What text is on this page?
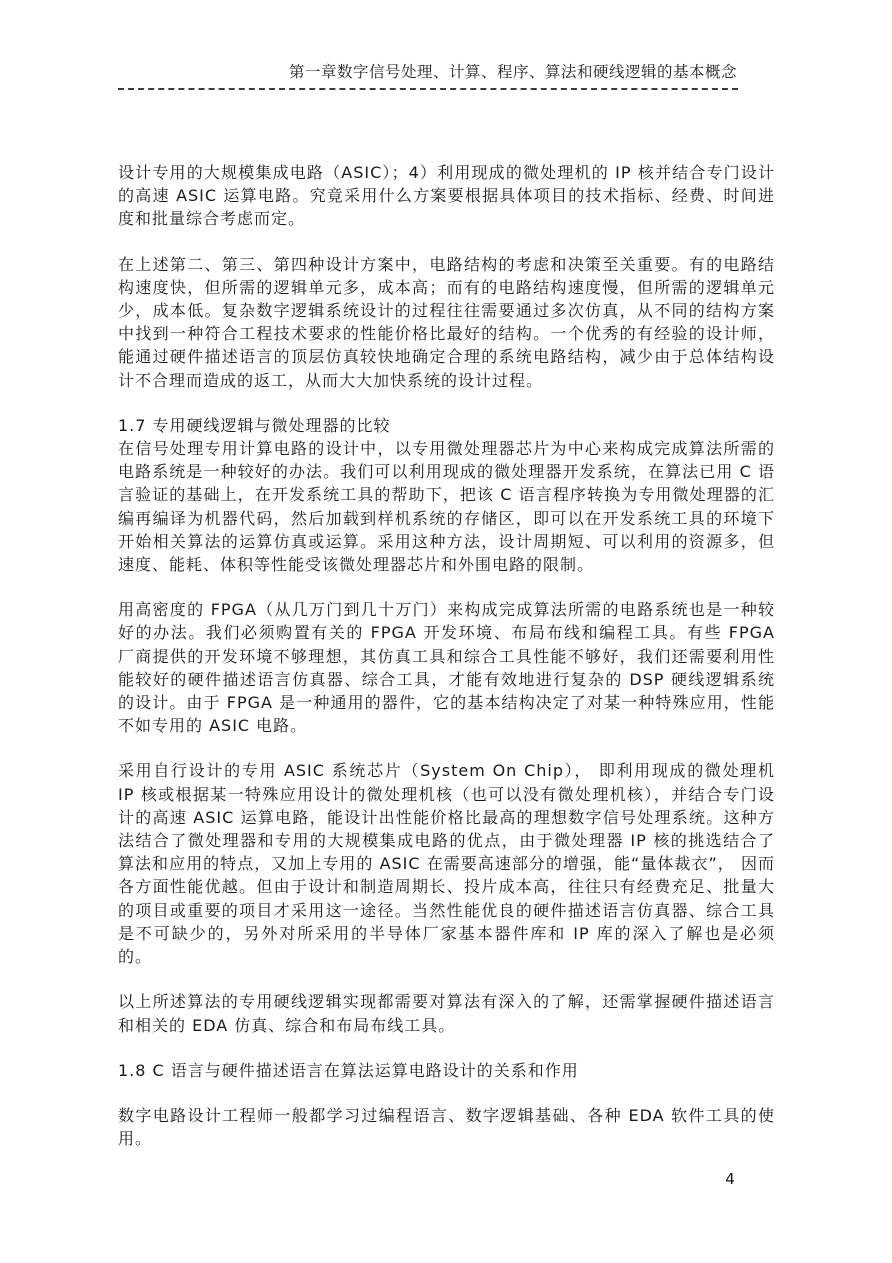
第一章数字信号处理、计算、程序、算法和硬线逻辑的基本概念

设计专用的大规模集成电路（ASIC）；4）利用现成的微处理机的 IP 核并结合专门设计的高速 ASIC 运算电路。究竟采用什么方案要根据具体项目的技术指标、经费、时间进度和批量综合考虑而定。

在上述第二、第三、第四种设计方案中，电路结构的考虑和决策至关重要。有的电路结构速度快，但所需的逻辑单元多，成本高；而有的电路结构速度慢，但所需的逻辑单元少，成本低。复杂数字逻辑系统设计的过程往往需要通过多次仿真，从不同的结构方案中找到一种符合工程技术要求的性能价格比最好的结构。一个优秀的有经验的设计师，能通过硬件描述语言的顶层仿真较快地确定合理的系统电路结构，减少由于总体结构设计不合理而造成的返工，从而大大加快系统的设计过程。

1.7 专用硬线逻辑与微处理器的比较

在信号处理专用计算电路的设计中，以专用微处理器芯片为中心来构成完成算法所需的电路系统是一种较好的办法。我们可以利用现成的微处理器开发系统，在算法已用 C 语言验证的基础上，在开发系统工具的帮助下，把该 C 语言程序转换为专用微处理器的汇编再编译为机器代码，然后加载到样机系统的存储区，即可以在开发系统工具的环境下开始相关算法的运算仿真或运算。采用这种方法，设计周期短、可以利用的资源多，但速度、能耗、体积等性能受该微处理器芯片和外围电路的限制。

用高密度的 FPGA（从几万门到几十万门）来构成完成算法所需的电路系统也是一种较好的办法。我们必须购置有关的 FPGA 开发环境、布局布线和编程工具。有些 FPGA 厂商提供的开发环境不够理想，其仿真工具和综合工具性能不够好，我们还需要利用性能较好的硬件描述语言仿真器、综合工具，才能有效地进行复杂的 DSP 硬线逻辑系统的设计。由于 FPGA 是一种通用的器件，它的基本结构决定了对某一种特殊应用，性能不如专用的 ASIC 电路。

采用自行设计的专用 ASIC 系统芯片（System On Chip）， 即利用现成的微处理机 IP 核或根据某一特殊应用设计的微处理机核（也可以没有微处理机核），并结合专门设计的高速 ASIC 运算电路，能设计出性能价格比最高的理想数字信号处理系统。这种方法结合了微处理器和专用的大规模集成电路的优点，由于微处理器 IP 核的挑选结合了算法和应用的特点，又加上专用的 ASIC 在需要高速部分的增强，能“量体裁衣”， 因而各方面性能优越。但由于设计和制造周期长、投片成本高，往往只有经费充足、批量大的项目或重要的项目才采用这一途径。当然性能优良的硬件描述语言仿真器、综合工具是不可缺少的，另外对所采用的半导体厂家基本器件库和 IP 库的深入了解也是必须的。

以上所述算法的专用硬线逻辑实现都需要对算法有深入的了解，还需掌握硬件描述语言和相关的 EDA 仿真、综合和布局布线工具。

1.8 C 语言与硬件描述语言在算法运算电路设计的关系和作用

数字电路设计工程师一般都学习过编程语言、数字逻辑基础、各种 EDA 软件工具的使用。

4
